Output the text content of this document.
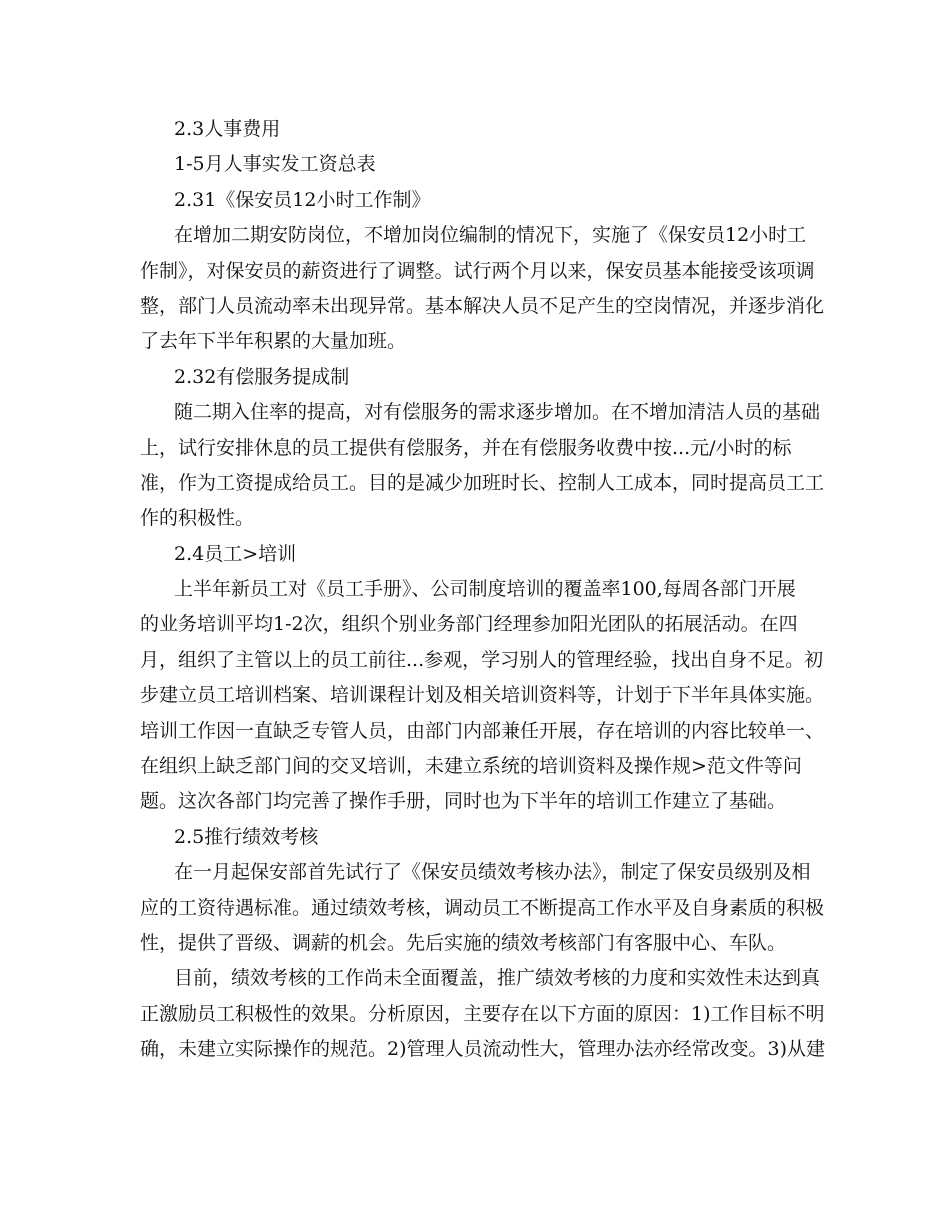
2.3人事费用
1-5月人事实发工资总表
2.31《保安员12小时工作制》
在增加二期安防岗位，不增加岗位编制的情况下，实施了《保安员12小时工
作制》，对保安员的薪资进行了调整。试行两个月以来，保安员基本能接受该项调
整，部门人员流动率未出现异常。基本解决人员不足产生的空岗情况，并逐步消化
了去年下半年积累的大量加班。
2.32有偿服务提成制
随二期入住率的提高，对有偿服务的需求逐步增加。在不增加清洁人员的基础
上，试行安排休息的员工提供有偿服务，并在有偿服务收费中按...元/小时的标
准，作为工资提成给员工。目的是减少加班时长、控制人工成本，同时提高员工工
作的积极性。
2.4员工>培训
上半年新员工对《员工手册》、公司制度培训的覆盖率100,每周各部门开展
的业务培训平均1-2次，组织个别业务部门经理参加阳光团队的拓展活动。在四
月，组织了主管以上的员工前往...参观，学习别人的管理经验，找出自身不足。初
步建立员工培训档案、培训课程计划及相关培训资料等，计划于下半年具体实施。
培训工作因一直缺乏专管人员，由部门内部兼任开展，存在培训的内容比较单一、
在组织上缺乏部门间的交叉培训，未建立系统的培训资料及操作规>范文件等问
题。这次各部门均完善了操作手册，同时也为下半年的培训工作建立了基础。
2.5推行绩效考核
在一月起保安部首先试行了《保安员绩效考核办法》，制定了保安员级别及相
应的工资待遇标准。通过绩效考核，调动员工不断提高工作水平及自身素质的积极
性，提供了晋级、调薪的机会。先后实施的绩效考核部门有客服中心、车队。
目前，绩效考核的工作尚未全面覆盖，推广绩效考核的力度和实效性未达到真
正激励员工积极性的效果。分析原因，主要存在以下方面的原因：1)工作目标不明
确，未建立实际操作的规范。2)管理人员流动性大，管理办法亦经常改变。3)从建
